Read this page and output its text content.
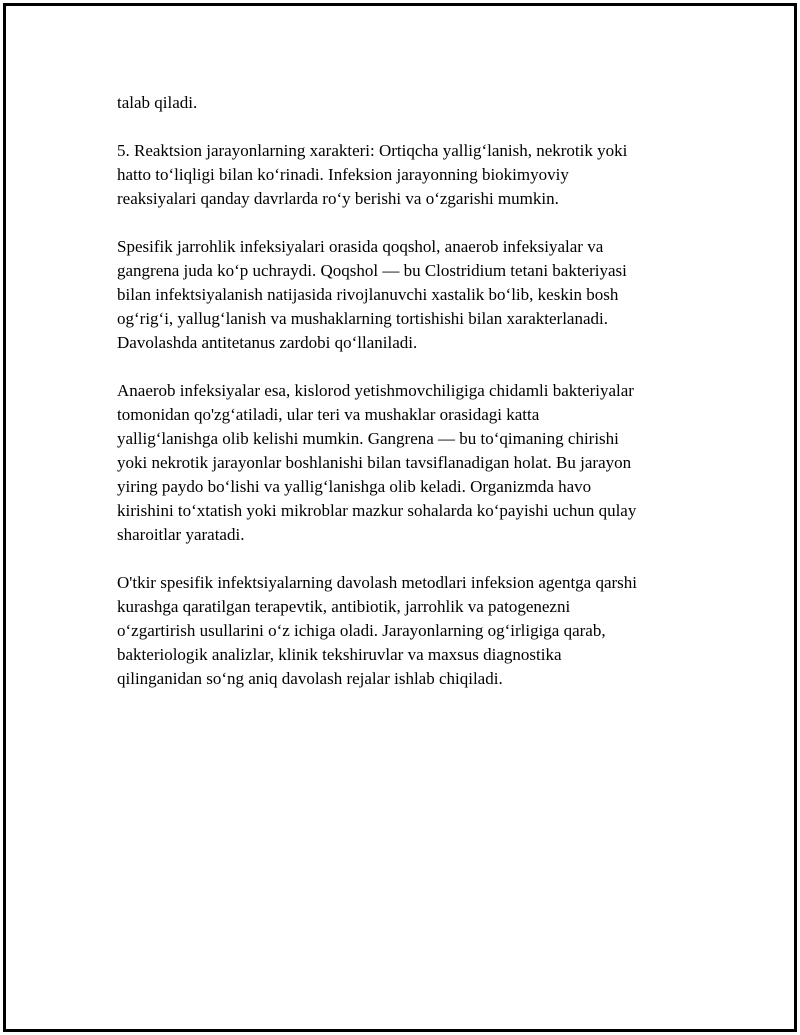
talab qiladi.

5. Reaktsion jarayonlarning xarakteri: Ortiqcha yallig‘lanish, nekrotik yoki
hatto to‘liqligi bilan ko‘rinadi. Infeksion jarayonning biokimyoviy
reaksiyalari qanday davrlarda ro‘y berishi va o‘zgarishi mumkin.

Spesifik jarrohlik infeksiyalari orasida qoqshol, anaerob infeksiyalar va
gangrena juda ko‘p uchraydi. Qoqshol — bu Clostridium tetani bakteriyasi
bilan infektsiyalanish natijasida rivojlanuvchi xastalik bo‘lib, keskin bosh
og‘rig‘i, yallug‘lanish va mushaklarning tortishishi bilan xarakterlanadi.
Davolashda antitetanus zardobi qo‘llaniladi.

Anaerob infeksiyalar esa, kislorod yetishmovchiligiga chidamli bakteriyalar
tomonidan qo'zg‘atiladi, ular teri va mushaklar orasidagi katta
yallig‘lanishga olib kelishi mumkin. Gangrena — bu to‘qimaning chirishi
yoki nekrotik jarayonlar boshlanishi bilan tavsiflanadigan holat. Bu jarayon
yiring paydo bo‘lishi va yallig‘lanishga olib keladi. Organizmda havo
kirishini to‘xtatish yoki mikroblar mazkur sohalarda ko‘payishi uchun qulay
sharoitlar yaratadi.

O'tkir spesifik infektsiyalarning davolash metodlari infeksion agentga qarshi
kurashga qaratilgan terapevtik, antibiotik, jarrohlik va patogenezni
o‘zgartirish usullarini o‘z ichiga oladi. Jarayonlarning og‘irligiga qarab,
bakteriologik analizlar, klinik tekshiruvlar va maxsus diagnostika
qilinganidan so‘ng aniq davolash rejalar ishlab chiqiladi.
